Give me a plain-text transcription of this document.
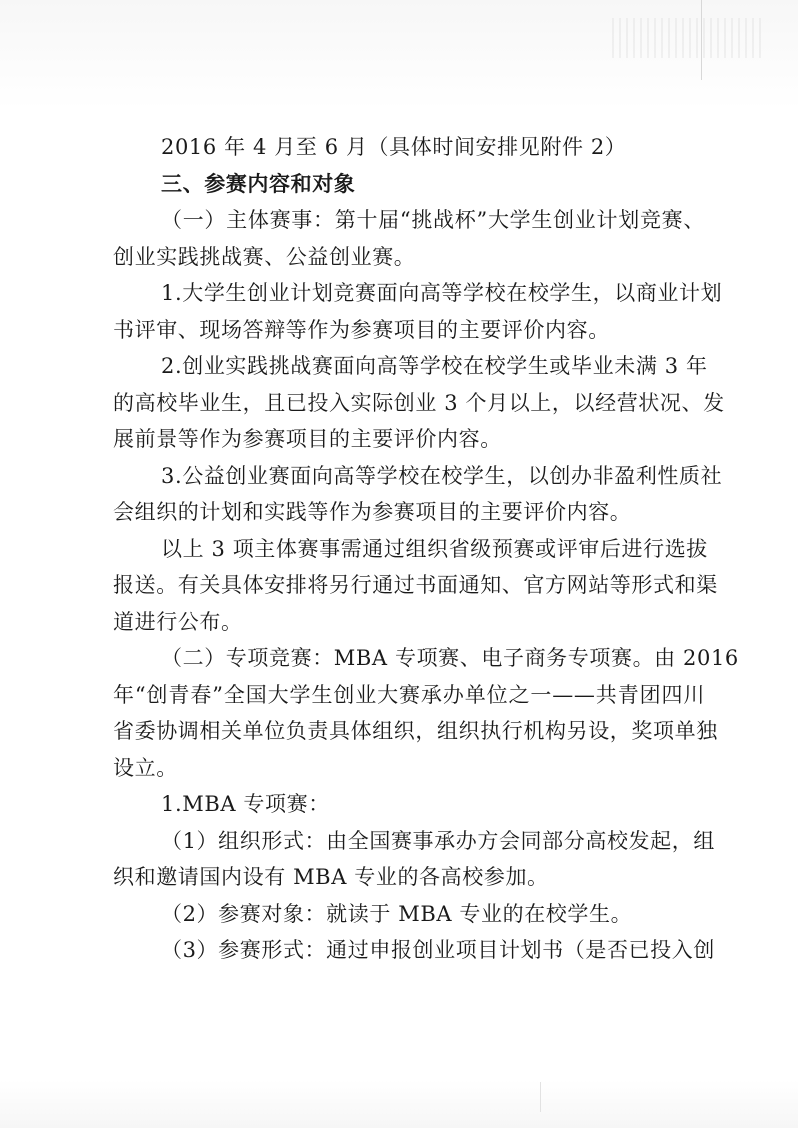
2016 年 4 月至 6 月（具体时间安排见附件 2）
三、参赛内容和对象
（一）主体赛事：第十届“挑战杯”大学生创业计划竞赛、
创业实践挑战赛、公益创业赛。
1.大学生创业计划竞赛面向高等学校在校学生，以商业计划
书评审、现场答辩等作为参赛项目的主要评价内容。
2.创业实践挑战赛面向高等学校在校学生或毕业未满 3 年
的高校毕业生，且已投入实际创业 3 个月以上，以经营状况、发
展前景等作为参赛项目的主要评价内容。
3.公益创业赛面向高等学校在校学生，以创办非盈利性质社
会组织的计划和实践等作为参赛项目的主要评价内容。
以上 3 项主体赛事需通过组织省级预赛或评审后进行选拔
报送。有关具体安排将另行通过书面通知、官方网站等形式和渠
道进行公布。
（二）专项竞赛：MBA 专项赛、电子商务专项赛。由 2016
年“创青春”全国大学生创业大赛承办单位之一——共青团四川
省委协调相关单位负责具体组织，组织执行机构另设，奖项单独
设立。
1.MBA 专项赛：
（1）组织形式：由全国赛事承办方会同部分高校发起，组
织和邀请国内设有 MBA 专业的各高校参加。
（2）参赛对象：就读于 MBA 专业的在校学生。
（3）参赛形式：通过申报创业项目计划书（是否已投入创
